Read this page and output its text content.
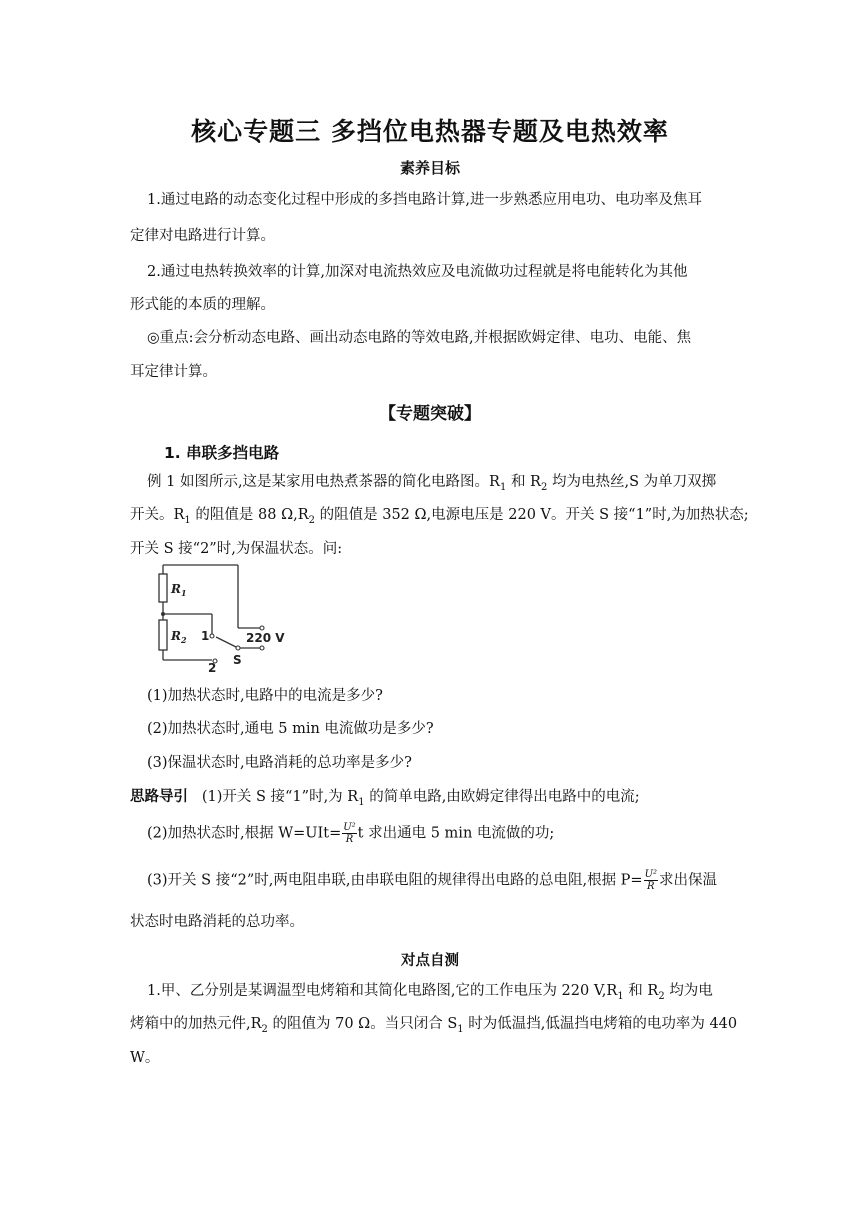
核心专题三 多挡位电热器专题及电热效率
素养目标
1.通过电路的动态变化过程中形成的多挡电路计算,进一步熟悉应用电功、电功率及焦耳
定律对电路进行计算。
2.通过电热转换效率的计算,加深对电流热效应及电流做功过程就是将电能转化为其他
形式能的本质的理解。
◎重点:会分析动态电路、画出动态电路的等效电路,并根据欧姆定律、电功、电能、焦
耳定律计算。
【专题突破】
1. 串联多挡电路
例 1 如图所示,这是某家用电热煮茶器的简化电路图。$R_1$ 和 $R_2$ 均为电热丝,S 为单刀双掷
开关。$R_1$ 的阻值是 88 $\Omega,R_2$ 的阻值是 352 Ω,电源电压是 220 V。开关 S 接“1”时,为加热状态;
开关 S 接“2”时,为保温状态。问:
$R_1$
$R_2$ 1
2
S
220 V
(1)加热状态时,电路中的电流是多少?
(2)加热状态时,通电 5 min 电流做功是多少?
(3)保温状态时,电路消耗的总功率是多少?
思路导引 (1)开关 S 接“1”时,为 $R_1$ 的简单电路,由欧姆定律得出电路中的电流;
(2)加热状态时,根据 $W=UIt= \frac{\text{U²}}{R}$ t 求出通电 5 min 电流做的功;
(3)开关 S 接“2”时,两电阻串联,由串联电阻的规律得出电路的总电阻,根据 $P= \frac{\text{U²}}{R}$ 求出保温
状态时电路消耗的总功率。
对点自测
1.甲、乙分别是某调温型电烤箱和其简化电路图,它的工作电压为 220 $V,R_1$ 和 $R_2$ 均为电
烤箱中的加热元件$,R_2$ 的阻值为 70 Ω。当只闭合 $S_1$ 时为低温挡,低温挡电烤箱的电功率为 440
W。
